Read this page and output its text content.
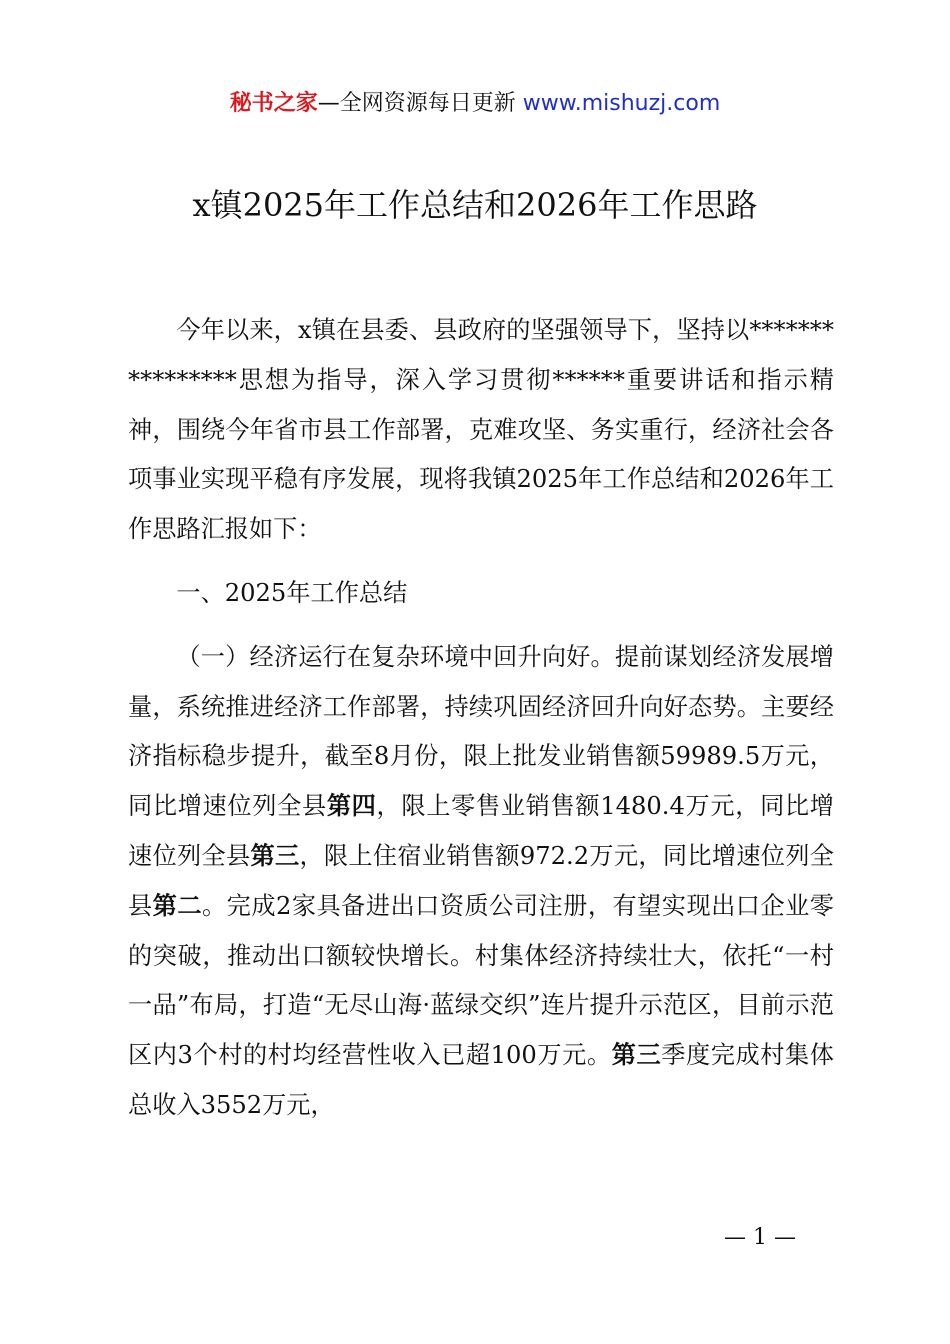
秘书之家—全网资源每日更新 www.mishuzj.com
x镇2025年工作总结和2026年工作思路

今年以来，x镇在县委、县政府的坚强领导下，坚持以****************思想为指导，深入学习贯彻******重要讲话和指示精神，围绕今年省市县工作部署，克难攻坚、务实重行，经济社会各项事业实现平稳有序发展，现将我镇2025年工作总结和2026年工作思路汇报如下：

一、2025年工作总结

（一）经济运行在复杂环境中回升向好。提前谋划经济发展增量，系统推进经济工作部署，持续巩固经济回升向好态势。主要经济指标稳步提升，截至8月份，限上批发业销售额59989.5万元，同比增速位列全县第四，限上零售业销售额1480.4万元，同比增速位列全县第三，限上住宿业销售额972.2万元，同比增速位列全县第二。完成2家具备进出口资质公司注册，有望实现出口企业零的突破，推动出口额较快增长。村集体经济持续壮大，依托“一村一品”布局，打造“无尽山海·蓝绿交织”连片提升示范区，目前示范区内3个村的村均经营性收入已超100万元。第三季度完成村集体总收入3552万元，

— 1 —
